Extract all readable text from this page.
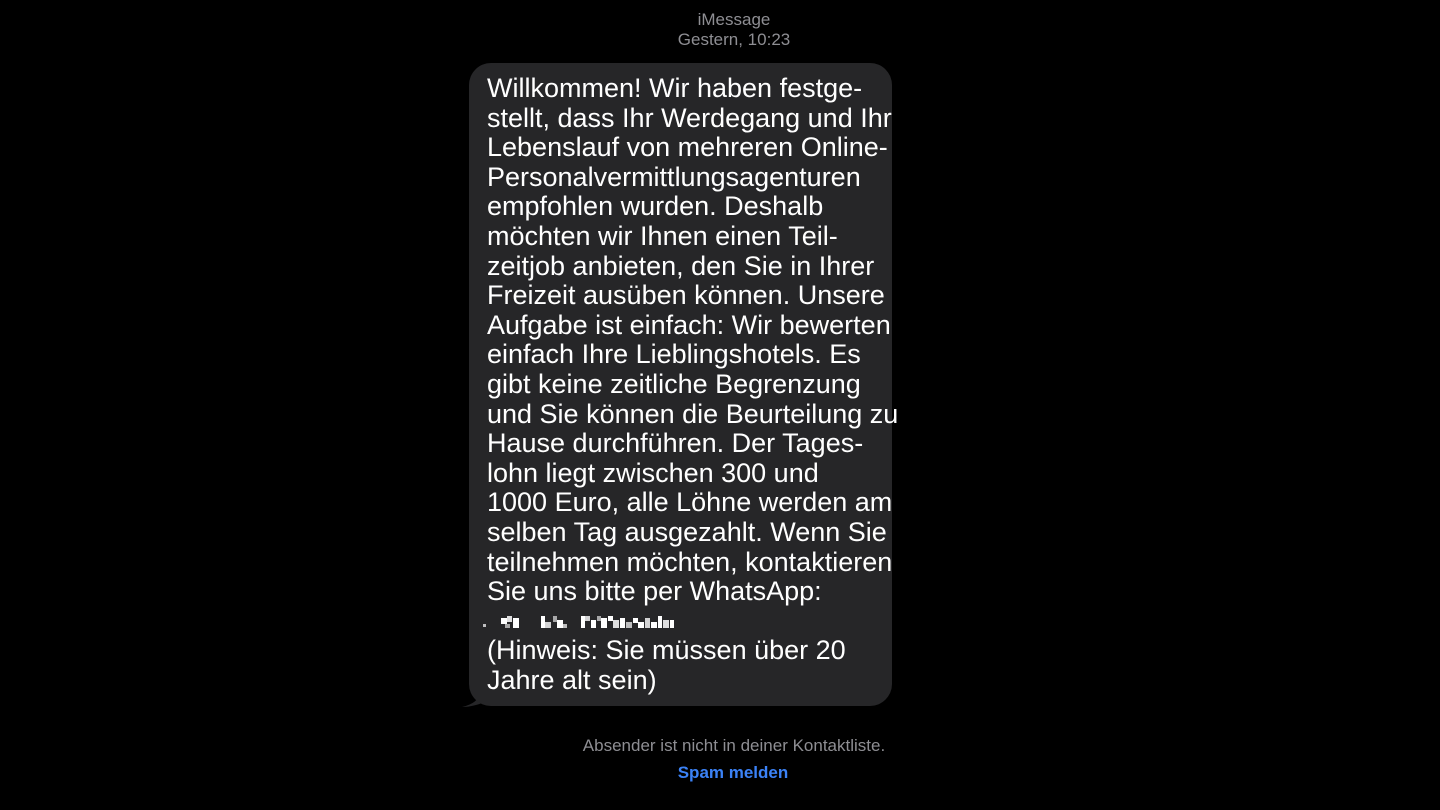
iMessage
Gestern, 10:23
Willkommen! Wir haben festge-
stellt, dass Ihr Werdegang und Ihr
Lebenslauf von mehreren Online-
Personalvermittlungsagenturen
empfohlen wurden. Deshalb
möchten wir Ihnen einen Teil-
zeitjob anbieten, den Sie in Ihrer
Freizeit ausüben können. Unsere
Aufgabe ist einfach: Wir bewerten
einfach Ihre Lieblingshotels. Es
gibt keine zeitliche Begrenzung
und Sie können die Beurteilung zu
Hause durchführen. Der Tages-
lohn liegt zwischen 300 und
1000 Euro, alle Löhne werden am
selben Tag ausgezahlt. Wenn Sie
teilnehmen möchten, kontaktieren
Sie uns bitte per WhatsApp:
(Hinweis: Sie müssen über 20
Jahre alt sein)
Absender ist nicht in deiner Kontaktliste.
Spam melden
